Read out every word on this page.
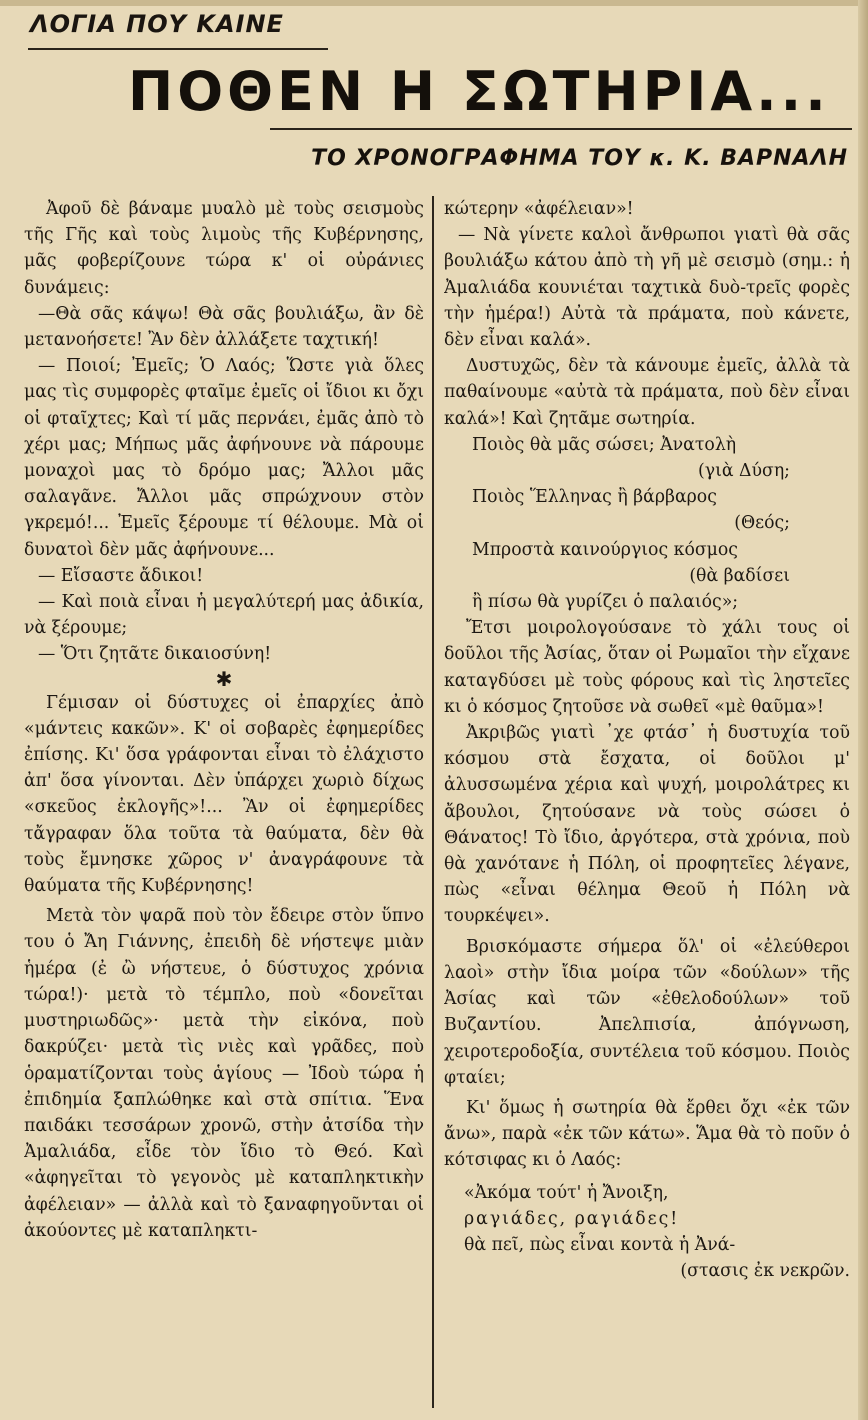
ΛΟΓΙΑ ΠΟΥ ΚΑΙΝΕ
ΠΟΘΕΝ Η ΣΩΤΗΡΙΑ...
ΤΟ ΧΡΟΝΟΓΡΑΦΗΜΑ ΤΟΥ κ. Κ. ΒΑΡΝΑΛΗ

Ἀφοῦ δὲ βάναμε μυαλὸ μὲ τοὺς σεισμοὺς τῆς Γῆς καὶ τοὺς λιμοὺς τῆς Κυβέρνησης, μᾶς φοβερίζουνε τώρα κ' οἱ οὐράνιες δυνάμεις:

—Θὰ σᾶς κάψω! Θὰ σᾶς βουλιάξω, ἂν δὲ μετανοήσετε! Ἂν δὲν ἀλλάξετε ταχτική!

— Ποιοί; Ἐμεῖς; Ὁ Λαός; Ὥστε γιὰ ὅλες μας τὶς συμφορὲς φταῖμε ἐμεῖς οἱ ἴδιοι κι ὄχι οἱ φταῖχτες; Καὶ τί μᾶς περνάει, ἐμᾶς ἀπὸ τὸ χέρι μας; Μήπως μᾶς ἀφήνουνε νὰ πάρουμε μοναχοὶ μας τὸ δρόμο μας; Ἄλλοι μᾶς σαλαγᾶνε. Ἄλλοι μᾶς σπρώχνουν στὸν γκρεμό!... Ἐμεῖς ξέρουμε τί θέλουμε. Μὰ οἱ δυνατοὶ δὲν μᾶς ἀφήνουνε...

— Εἴσαστε ἄδικοι!

— Καὶ ποιὰ εἶναι ἡ μεγαλύτερή μας ἀδικία, νὰ ξέρουμε;

— Ὅτι ζητᾶτε δικαιοσύνη!

✱

Γέμισαν οἱ δύστυχες οἱ ἐπαρχίες ἀπὸ «μάντεις κακῶν». Κ' οἱ σοβαρὲς ἐφημερίδες ἐπίσης. Κι' ὅσα γράφονται εἶναι τὸ ἐλάχιστο ἀπ' ὅσα γίνονται. Δὲν ὑπάρχει χωριὸ δίχως «σκεῦος ἐκλογῆς»!... Ἂν οἱ ἐφημερίδες τἄγραφαν ὅλα τοῦτα τὰ θαύματα, δὲν θὰ τοὺς ἔμνησκε χῶρος ν' ἀναγράφουνε τὰ θαύματα τῆς Κυβέρνησης!

Μετὰ τὸν ψαρᾶ ποὺ τὸν ἔδειρε στὸν ὕπνο του ὁ Ἄη Γιάννης, ἐπειδὴ δὲ νήστεψε μιὰν ἡμέρα (ἐ ὢ νήστευε, ὁ δύστυχος χρόνια τώρα!)· μετὰ τὸ τέμπλο, ποὺ «δονεῖται μυστηριωδῶς»· μετὰ τὴν εἰκόνα, ποὺ δακρύζει· μετὰ τὶς νιὲς καὶ γρᾶδες, ποὺ ὁραματίζονται τοὺς ἁγίους — Ἰδοὺ τώρα ἡ ἐπιδημία ξαπλώθηκε καὶ στὰ σπίτια. Ἕνα παιδάκι τεσσάρων χρονῶ, στὴν ἀτσίδα τὴν Ἀμαλιάδα, εἶδε τὸν ἴδιο τὸ Θεό. Καὶ «ἀφηγεῖται τὸ γεγονὸς μὲ καταπληκτικὴν ἀφέλειαν» — ἀλλὰ καὶ τὸ ξαναφηγοῦνται οἱ ἀκούοντες μὲ καταπληκτι-

κώτερην «ἀφέλειαν»!

— Νὰ γίνετε καλοὶ ἄνθρωποι γιατὶ θὰ σᾶς βουλιάξω κάτου ἀπὸ τὴ γῆ μὲ σεισμὸ (σημ.: ἡ Ἀμαλιάδα κουνιέται ταχτικὰ δυὸ-τρεῖς φορὲς τὴν ἡμέρα!) Αὐτὰ τὰ πράματα, ποὺ κάνετε, δὲν εἶναι καλά».

Δυστυχῶς, δὲν τὰ κάνουμε ἐμεῖς, ἀλλὰ τὰ παθαίνουμε «αὐτὰ τὰ πράματα, ποὺ δὲν εἶναι καλά»! Καὶ ζητᾶμε σωτηρία.

Ποιὸς θὰ μᾶς σώσει; Ἀνατολὴ

(γιὰ Δύση;

Ποιὸς Ἕλληνας ἢ βάρβαρος

(Θεός;

Μπροστὰ καινούργιος κόσμος

(θὰ βαδίσει

ἢ πίσω θὰ γυρίζει ὁ παλαιός»;

Ἔτσι μοιρολογούσανε τὸ χάλι τους οἱ δοῦλοι τῆς Ἀσίας, ὅταν οἱ Ρωμαῖοι τὴν εἴχανε καταγδύσει μὲ τοὺς φόρους καὶ τὶς ληστεῖες κι ὁ κόσμος ζητοῦσε νὰ σωθεῖ «μὲ θαῦμα»!

Ἀκριβῶς γιατὶ ᾽χε φτάσ᾽ ἡ δυστυχία τοῦ κόσμου στὰ ἔσχατα, οἱ δοῦλοι μ' ἀλυσσωμένα χέρια καὶ ψυχή, μοιρολάτρες κι ἄβουλοι, ζητούσανε νὰ τοὺς σώσει ὁ Θάνατος! Τὸ ἴδιο, ἀργότερα, στὰ χρόνια, ποὺ θὰ χανότανε ἡ Πόλη, οἱ προφητεῖες λέγανε, πὼς «εἶναι θέλημα Θεοῦ ἡ Πόλη νὰ τουρκέψει».

Βρισκόμαστε σήμερα ὅλ' οἱ «ἐλεύθεροι λαοὶ» στὴν ἴδια μοίρα τῶν «δούλων» τῆς Ἀσίας καὶ τῶν «ἐθελοδούλων» τοῦ Βυζαντίου. Ἀπελπισία, ἀπόγνωση, χειροτεροδοξία, συντέλεια τοῦ κόσμου. Ποιὸς φταίει;

Κι' ὅμως ἡ σωτηρία θὰ ἔρθει ὄχι «ἐκ τῶν ἄνω», παρὰ «ἐκ τῶν κάτω». Ἅμα θὰ τὸ ποῦν ὁ κότσιφας κι ὁ Λαός:

«Ἀκόμα τούτ' ἡ Ἄνοιξη,

ραγιάδες, ραγιάδες!

θὰ πεῖ, πὼς εἶναι κοντὰ ἡ Ἀνά-

(στασις ἐκ νεκρῶν.
